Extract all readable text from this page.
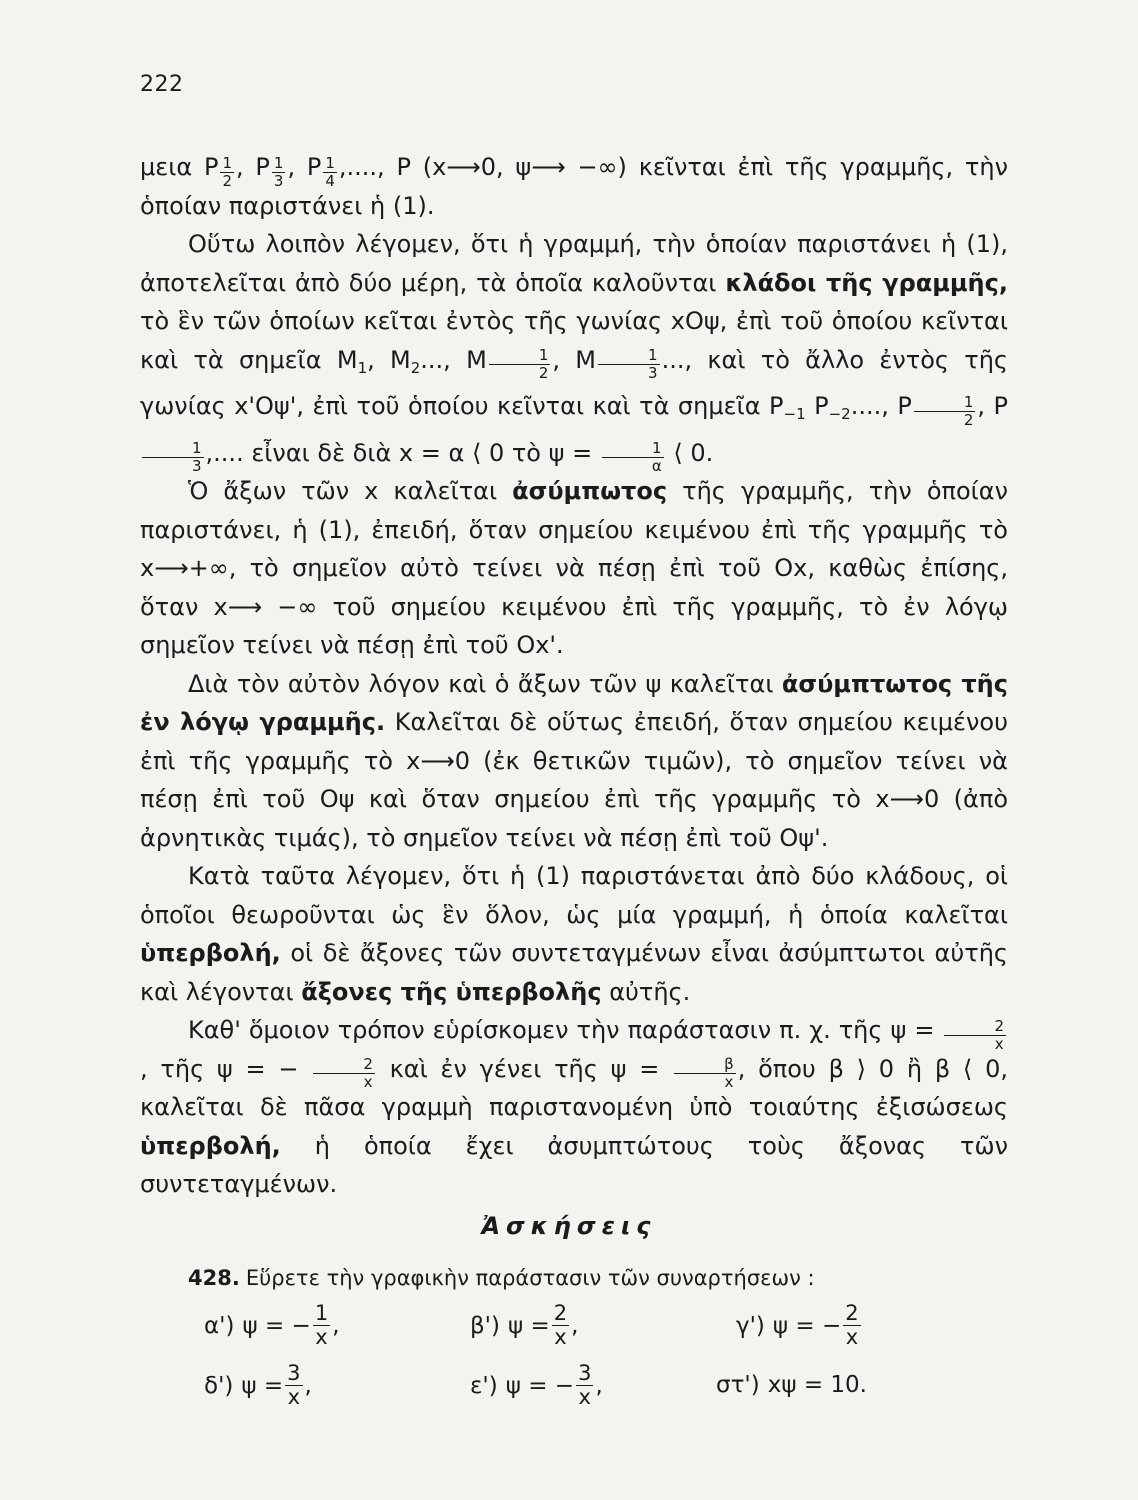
222

μεια P $\frac{1}{2}$ , P $\frac{1}{3}$ , P $\frac{1}{4}$ ,...., P (x⟶0, ψ⟶ −∞) κεῖνται ἐπὶ τῆς γραμμῆς, τὴν ὁποίαν παριστάνει ἡ (1).

Οὕτω λοιπὸν λέγομεν, ὅτι ἡ γραμμή, τὴν ὁποίαν παριστάνει ἡ (1), ἀποτελεῖται ἀπὸ δύο μέρη, τὰ ὁποῖα καλοῦνται κλάδοι τῆς γραμμῆς, τὸ ἓν τῶν ὁποίων κεῖται ἐντὸς τῆς γωνίας xOψ, ἐπὶ τοῦ ὁποίου κεῖνται καὶ τὰ σημεῖα $M_1$, $M_2$..., M $\frac{1}{2}$ , M $\frac{1}{3}$ ..., καὶ τὸ ἄλλο ἐντὸς τῆς γωνίας x'Oψ', ἐπὶ τοῦ ὁποίου κεῖνται καὶ τὰ σημεῖα $P_{-1}$ $P_{-2}$...., P $\frac{1}{2}$ , P
$\frac{1}{3}$ ,.... εἶναι δὲ διὰ x = α ⟨ 0 τὸ $\psi = \frac{1}{\alpha}$ ⟨ 0.

Ὁ ἄξων τῶν x καλεῖται ἀσύμπωτος τῆς γραμμῆς, τὴν ὁποίαν παριστάνει, ἡ (1), ἐπειδή, ὅταν σημείου κειμένου ἐπὶ τῆς γραμμῆς τὸ x⟶+∞, τὸ σημεῖον αὐτὸ τείνει νὰ πέσῃ ἐπὶ τοῦ Ox, καθὼς ἐπίσης, ὅταν x⟶ −∞ τοῦ σημείου κειμένου ἐπὶ τῆς γραμμῆς, τὸ ἐν λόγῳ σημεῖον τείνει νὰ πέσῃ ἐπὶ τοῦ Ox'.

Διὰ τὸν αὐτὸν λόγον καὶ ὁ ἄξων τῶν ψ καλεῖται ἀσύμπτωτος τῆς ἐν λόγῳ γραμμῆς. Καλεῖται δὲ οὕτως ἐπειδή, ὅταν σημείου κειμένου ἐπὶ τῆς γραμμῆς τὸ x⟶0 (ἐκ θετικῶν τιμῶν), τὸ σημεῖον τείνει νὰ πέσῃ ἐπὶ τοῦ Oψ καὶ ὅταν σημείου ἐπὶ τῆς γραμμῆς τὸ x⟶0 (ἀπὸ ἀρνητικὰς τιμάς), τὸ σημεῖον τείνει νὰ πέσῃ ἐπὶ τοῦ Oψ'.

Κατὰ ταῦτα λέγομεν, ὅτι ἡ (1) παριστάνεται ἀπὸ δύο κλάδους, οἱ ὁποῖοι θεωροῦνται ὡς ἓν ὅλον, ὡς μία γραμμή, ἡ ὁποία καλεῖται ὑπερβολή, οἱ δὲ ἄξονες τῶν συντεταγμένων εἶναι ἀσύμπτωτοι αὐτῆς καὶ λέγονται ἄξονες τῆς ὑπερβολῆς αὐτῆς.

Καθ' ὅμοιον τρόπον εὑρίσκομεν τὴν παράστασιν π. χ. τῆς $\psi = \frac{2}{x}$
, τῆς ψ = − $\frac{2}{x}$ καὶ ἐν γένει τῆς $\psi = \frac{\beta}{x}$ , ὅπου β ⟩ 0 ἢ β ⟨ 0, καλεῖται δὲ πᾶσα γραμμὴ παριστανομένη ὑπὸ τοιαύτης ἐξισώσεως ὑπερβολή, ἡ ὁποία ἔχει ἀσυμπτώτους τοὺς ἄξονας τῶν συντεταγμένων.

Ἀσκήσεις
428. Εὕρετε τὴν γραφικὴν παράστασιν τῶν συναρτήσεων :
α') ψ = − $\frac{1}{x}$ ,	β') $\psi = \frac{2}{x}$ ,	γ') ψ = − $\frac{2}{x}$
δ') $\psi = \frac{3}{x}$ ,	ε') ψ = − $\frac{3}{x}$ ,	στ') xψ = 10.
